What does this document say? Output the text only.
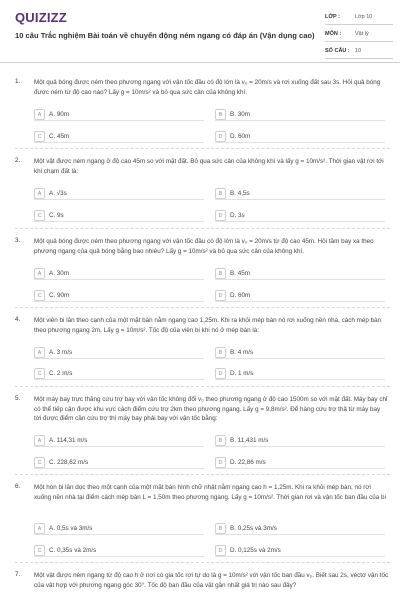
QUIZIZZ
10 câu Trắc nghiệm Bài toán về chuyển động ném ngang có đáp án (Vận dụng cao)
LỚP :	Lớp 10
MÔN :	Vật lý
SỐ CÂU : 10
1. Một quả bóng được ném theo phương ngang với vận tốc đầu có độ lớn là v₀ = 20m/s và rơi xuống đất sau 3s. Hỏi quả bóng được ném từ độ cao nào? Lấy g = 10m/s² và bỏ qua sức cản của không khí.
A	A. 90m	B	B. 30m
C	C. 45m	D	D. 60m
2. Một vật được ném ngang ở độ cao 45m so với mặt đất. Bỏ qua sức cản của không khí và lấy g = 10m/s². Thời gian vật rơi tới khi chạm đất là:
A	A. √3s	B	B. 4,5s
C	C. 9s	D	D. 3s
3. Một quả bóng được ném theo phương ngang với vận tốc đầu có độ lớn là v₀ = 20m/s từ độ cao 45m. Hỏi tầm bay xa theo phương ngang của quả bóng bằng bao nhiêu? Lấy g = 10m/s² và bỏ qua sức cản của không khí.
A	A. 30m	B	B. 45m
C	C. 90m	D	D. 60m
4. Một viên bi lăn theo cạnh của một mặt bàn nằm ngang cao 1,25m. Khi ra khỏi mép bàn nó rơi xuống nền nhà, cách mép bàn theo phương ngang 2m. Lấy g = 10m/s². Tốc độ của viên bi khi nó ở mép bàn là:
A	A. 3 m/s	B	B. 4 m/s
C	C. 2 m/s	D	D. 1 m/s
5. Một máy bay trực thăng cứu trợ bay với vận tốc không đổi v₀ theo phương ngang ở độ cao 1500m so với mặt đất. Máy bay chỉ có thể tiếp cận được khu vực cách điểm cứu trợ 2km theo phương ngang. Lấy g = 9,8m/s². Để hàng cứu trợ thả từ máy bay tới được điểm cần cứu trợ thì máy bay phải bay với vận tốc bằng:
A	A. 114,31 m/s	B	B. 11,431 m/s
C	C. 228,62 m/s	D	D. 22,86 m/s
6. Một hòn bi lăn dọc theo một cạnh của một mặt bàn hình chữ nhật nằm ngang cao h = 1,25m. Khi ra khỏi mép bàn, nó rơi xuống nền nhà tại điểm cách mép bàn L = 1,50m theo phương ngang. Lấy g = 10m/s². Thời gian rơi và vận tốc ban đầu của bi
A	A. 0,5s và 3m/s	B	B. 0,25s và 3m/s
C	C. 0,35s và 2m/s	D	D. 0,125s và 2m/s
7. Một vật được ném ngang từ độ cao h ở nơi có gia tốc rơi tự do là g = 10m/s² với vận tốc ban đầu v₀. Biết sau 2s, véctơ vận tốc của vật hợp với phương ngang góc 30°. Tốc độ ban đầu của vật gần nhất giá trị nào sau đây?
